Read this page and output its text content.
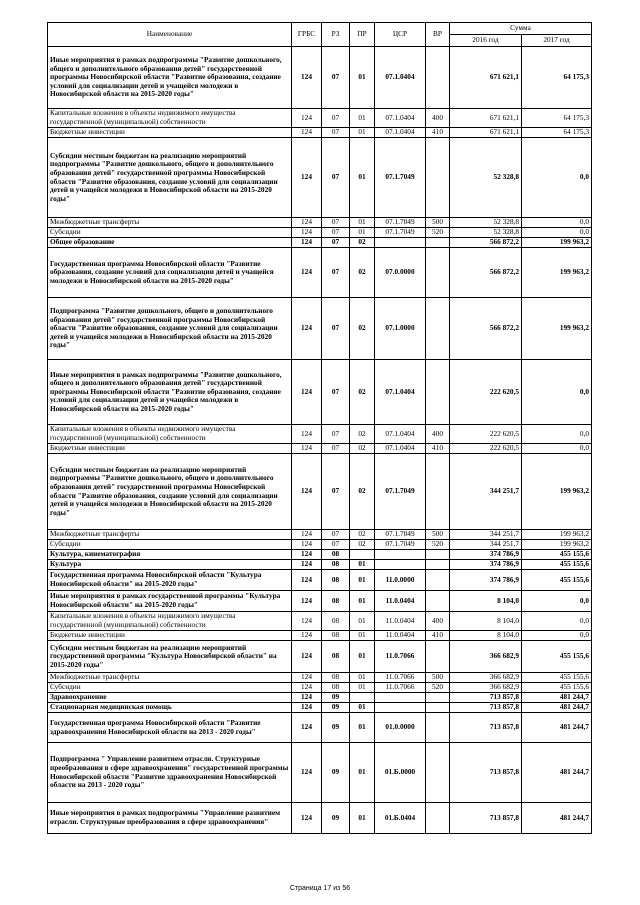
Наименование	ГРБС	РЗ	ПР	ЦСР	ВР	Сумма	
						2016 год	2017 год
Иные мероприятия в рамках подпрограммы "Развитие дошкольного, общего и дополнительного образования детей" государственной программы Новосибирской области "Развитие образования, создание условий для социализации детей и учащейся молодежи в Новосибирской области на 2015-2020 годы"	124	07	01	07.1.0404		671 621,1	64 175,3
Капитальные вложения в объекты недвижимого имущества государственной (муниципальной) собственности	124	07	01	07.1.0404	400	671 621,1	64 175,3
Бюджетные инвестиции	124	07	01	07.1.0404	410	671 621,1	64 175,3
Субсидии местным бюджетам на реализацию мероприятий подпрограммы "Развитие дошкольного, общего и дополнительного образования детей" государственной программы Новосибирской области "Развитие образования, создание условий для социализации детей и учащейся молодежи в Новосибирской области на 2015-2020 годы"	124	07	01	07.1.7049		52 328,8	0,0
Межбюджетные трансферты	124	07	01	07.1.7049	500	52 328,8	0,0
Субсидии	124	07	01	07.1.7049	520	52 328,8	0,0
Общее образование	124	07	02			566 872,2	199 963,2
Государственная программа Новосибирской области "Развитие образования, создание условий для социализации детей и учащейся молодежи в Новосибирской области на 2015-2020 годы"	124	07	02	07.0.0000		566 872,2	199 963,2
Подпрограмма "Развитие дошкольного, общего и дополнительного образования детей" государственной программы Новосибирской области "Развитие образования, создание условий для социализации детей и учащейся молодежи в Новосибирской области на 2015-2020 годы"	124	07	02	07.1.0000		566 872,2	199 963,2
Иные мероприятия в рамках подпрограммы "Развитие дошкольного, общего и дополнительного образования детей" государственной программы Новосибирской области "Развитие образования, создание условий для социализации детей и учащейся молодежи в Новосибирской области на 2015-2020 годы"	124	07	02	07.1.0404		222 620,5	0,0
Капитальные вложения в объекты недвижимого имущества государственной (муниципальной) собственности	124	07	02	07.1.0404	400	222 620,5	0,0
Бюджетные инвестиции	124	07	02	07.1.0404	410	222 620,5	0,0
Субсидии местным бюджетам на реализацию мероприятий подпрограммы "Развитие дошкольного, общего и дополнительного образования детей" государственной программы Новосибирской области "Развитие образования, создание условий для социализации детей и учащейся молодежи в Новосибирской области на 2015-2020 годы"	124	07	02	07.1.7049		344 251,7	199 963,2
Межбюджетные трансферты	124	07	02	07.1.7049	500	344 251,7	199 963,2
Субсидии	124	07	02	07.1.7049	520	344 251,7	199 963,2
Культура, кинематография	124	08				374 786,9	455 155,6
Культура	124	08	01			374 786,9	455 155,6
Государственная программа Новосибирской области "Культура Новосибирской области" на 2015-2020 годы"	124	08	01	11.0.0000		374 786,9	455 155,6
Иные мероприятия в рамках государственной программы "Культура Новосибирской области" на 2015-2020 годы"	124	08	01	11.0.0404		8 104,0	0,0
Капитальные вложения в объекты недвижимого имущества государственной (муниципальной) собственности	124	08	01	11.0.0404	400	8 104,0	0,0
Бюджетные инвестиции	124	08	01	11.0.0404	410	8 104,0	0,0
Субсидии местным бюджетам на реализацию мероприятий государственной программы "Культура Новосибирской области" на 2015-2020 годы"	124	08	01	11.0.7066		366 682,9	455 155,6
Межбюджетные трансферты	124	08	01	11.0.7066	500	366 682,9	455 155,6
Субсидии	124	08	01	11.0.7066	520	366 682,9	455 155,6
Здравоохранение	124	09				713 857,8	481 244,7
Стационарная медицинская помощь	124	09	01			713 857,8	481 244,7
Государственная программа Новосибирской области "Развитие здравоохранения Новосибирской области на 2013 - 2020 годы"	124	09	01	01.0.0000		713 857,8	481 244,7
Подпрограмма " Управление развитием отрасли. Структурные преобразования в сфере здравоохранения" государственной программы Новосибирской области "Развитие здравоохранения Новосибирской области на 2013 - 2020 годы"	124	09	01	01.Б.0000		713 857,8	481 244,7
Иные мероприятия в рамках подпрограммы "Управление развитием отрасли. Структурные преобразования в сфере здравоохранения"	124	09	01	01.Б.0404		713 857,8	481 244,7
Страница 17 из 56
